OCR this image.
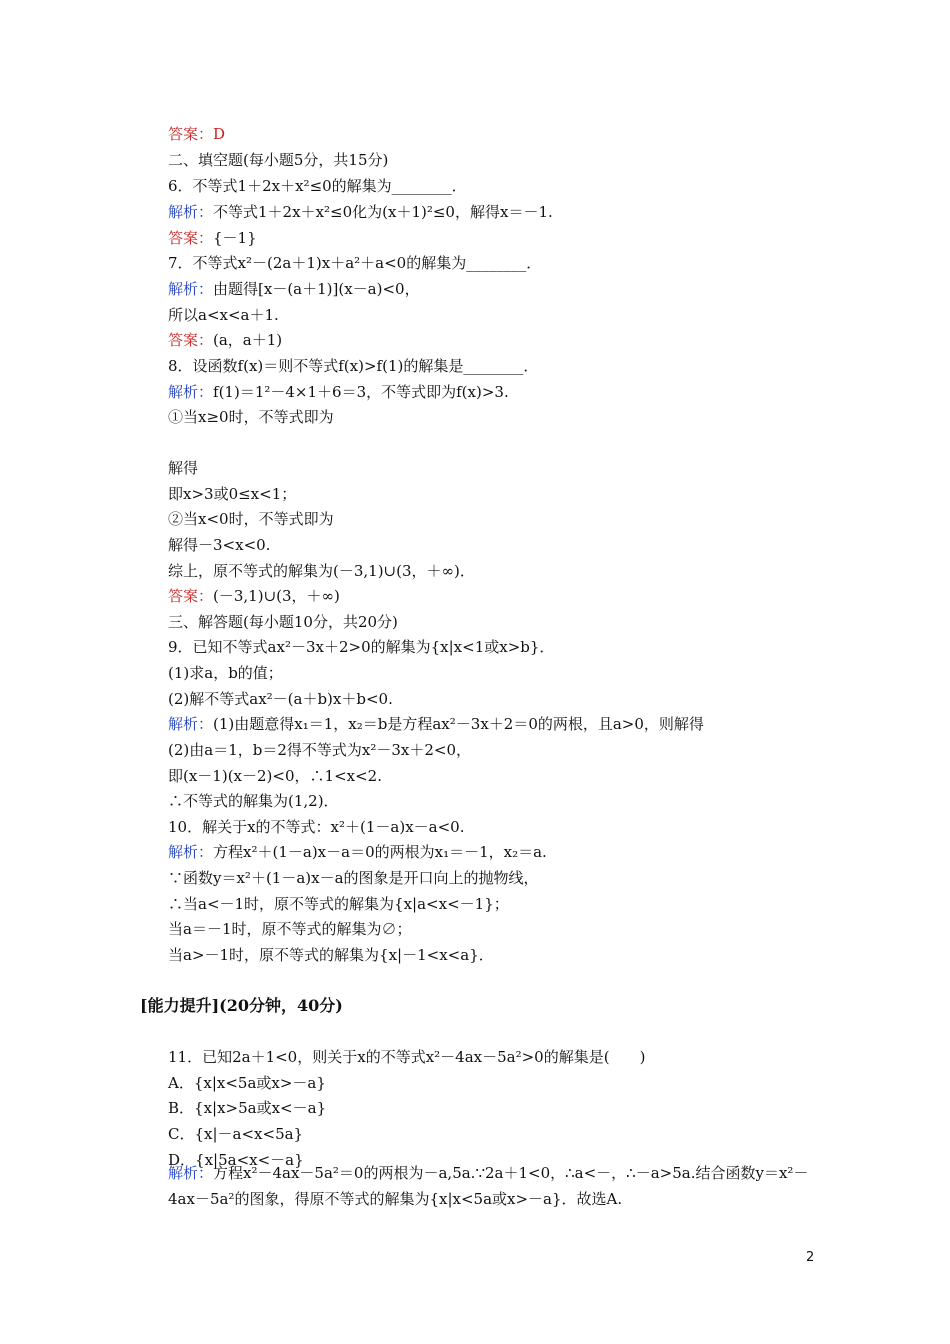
答案：D
二、填空题(每小题5分，共15分)
6．不等式1＋2x＋x²≤0的解集为________．
解析：不等式1＋2x＋x²≤0化为(x＋1)²≤0，解得x＝－1.
答案：{－1}
7．不等式x²－(2a＋1)x＋a²＋a<0的解集为________．
解析：由题得[x－(a＋1)](x－a)<0，
所以a<x<a＋1.
答案：(a，a＋1)
8．设函数f(x)＝则不等式f(x)>f(1)的解集是________．
解析：f(1)＝1²－4×1＋6＝3，不等式即为f(x)>3.
①当x≥0时，不等式即为
解得
即x>3或0≤x<1；
②当x<0时，不等式即为
解得－3<x<0.
综上，原不等式的解集为(－3,1)∪(3，＋∞)．
答案：(－3,1)∪(3，＋∞)
三、解答题(每小题10分，共20分)
9．已知不等式ax²－3x＋2>0的解集为{x|x<1或x>b}．
(1)求a，b的值；
(2)解不等式ax²－(a＋b)x＋b<0.
解析：(1)由题意得x₁＝1，x₂＝b是方程ax²－3x＋2＝0的两根，且a>0，则解得
(2)由a＝1，b＝2得不等式为x²－3x＋2<0，
即(x－1)(x－2)<0，∴1<x<2.
∴不等式的解集为(1,2)．
10．解关于x的不等式：x²＋(1－a)x－a<0.
解析：方程x²＋(1－a)x－a＝0的两根为x₁＝－1，x₂＝a.
∵函数y＝x²＋(1－a)x－a的图象是开口向上的抛物线，
∴当a<－1时，原不等式的解集为{x|a<x<－1}；
当a＝－1时，原不等式的解集为∅；
当a>－1时，原不等式的解集为{x|－1<x<a}．
[能力提升](20分钟，40分)
11．已知2a＋1<0，则关于x的不等式x²－4ax－5a²>0的解集是(　　)
A．{x|x<5a或x>－a}
B．{x|x>5a或x<－a}
C．{x|－a<x<5a}
D．{x|5a<x<－a}
解析：方程x²－4ax－5a²＝0的两根为－a,5a.∵2a＋1<0，∴a<－，∴－a>5a.结合函数y＝x²－4ax－5a²的图象，得原不等式的解集为{x|x<5a或x>－a}．故选A.
2
